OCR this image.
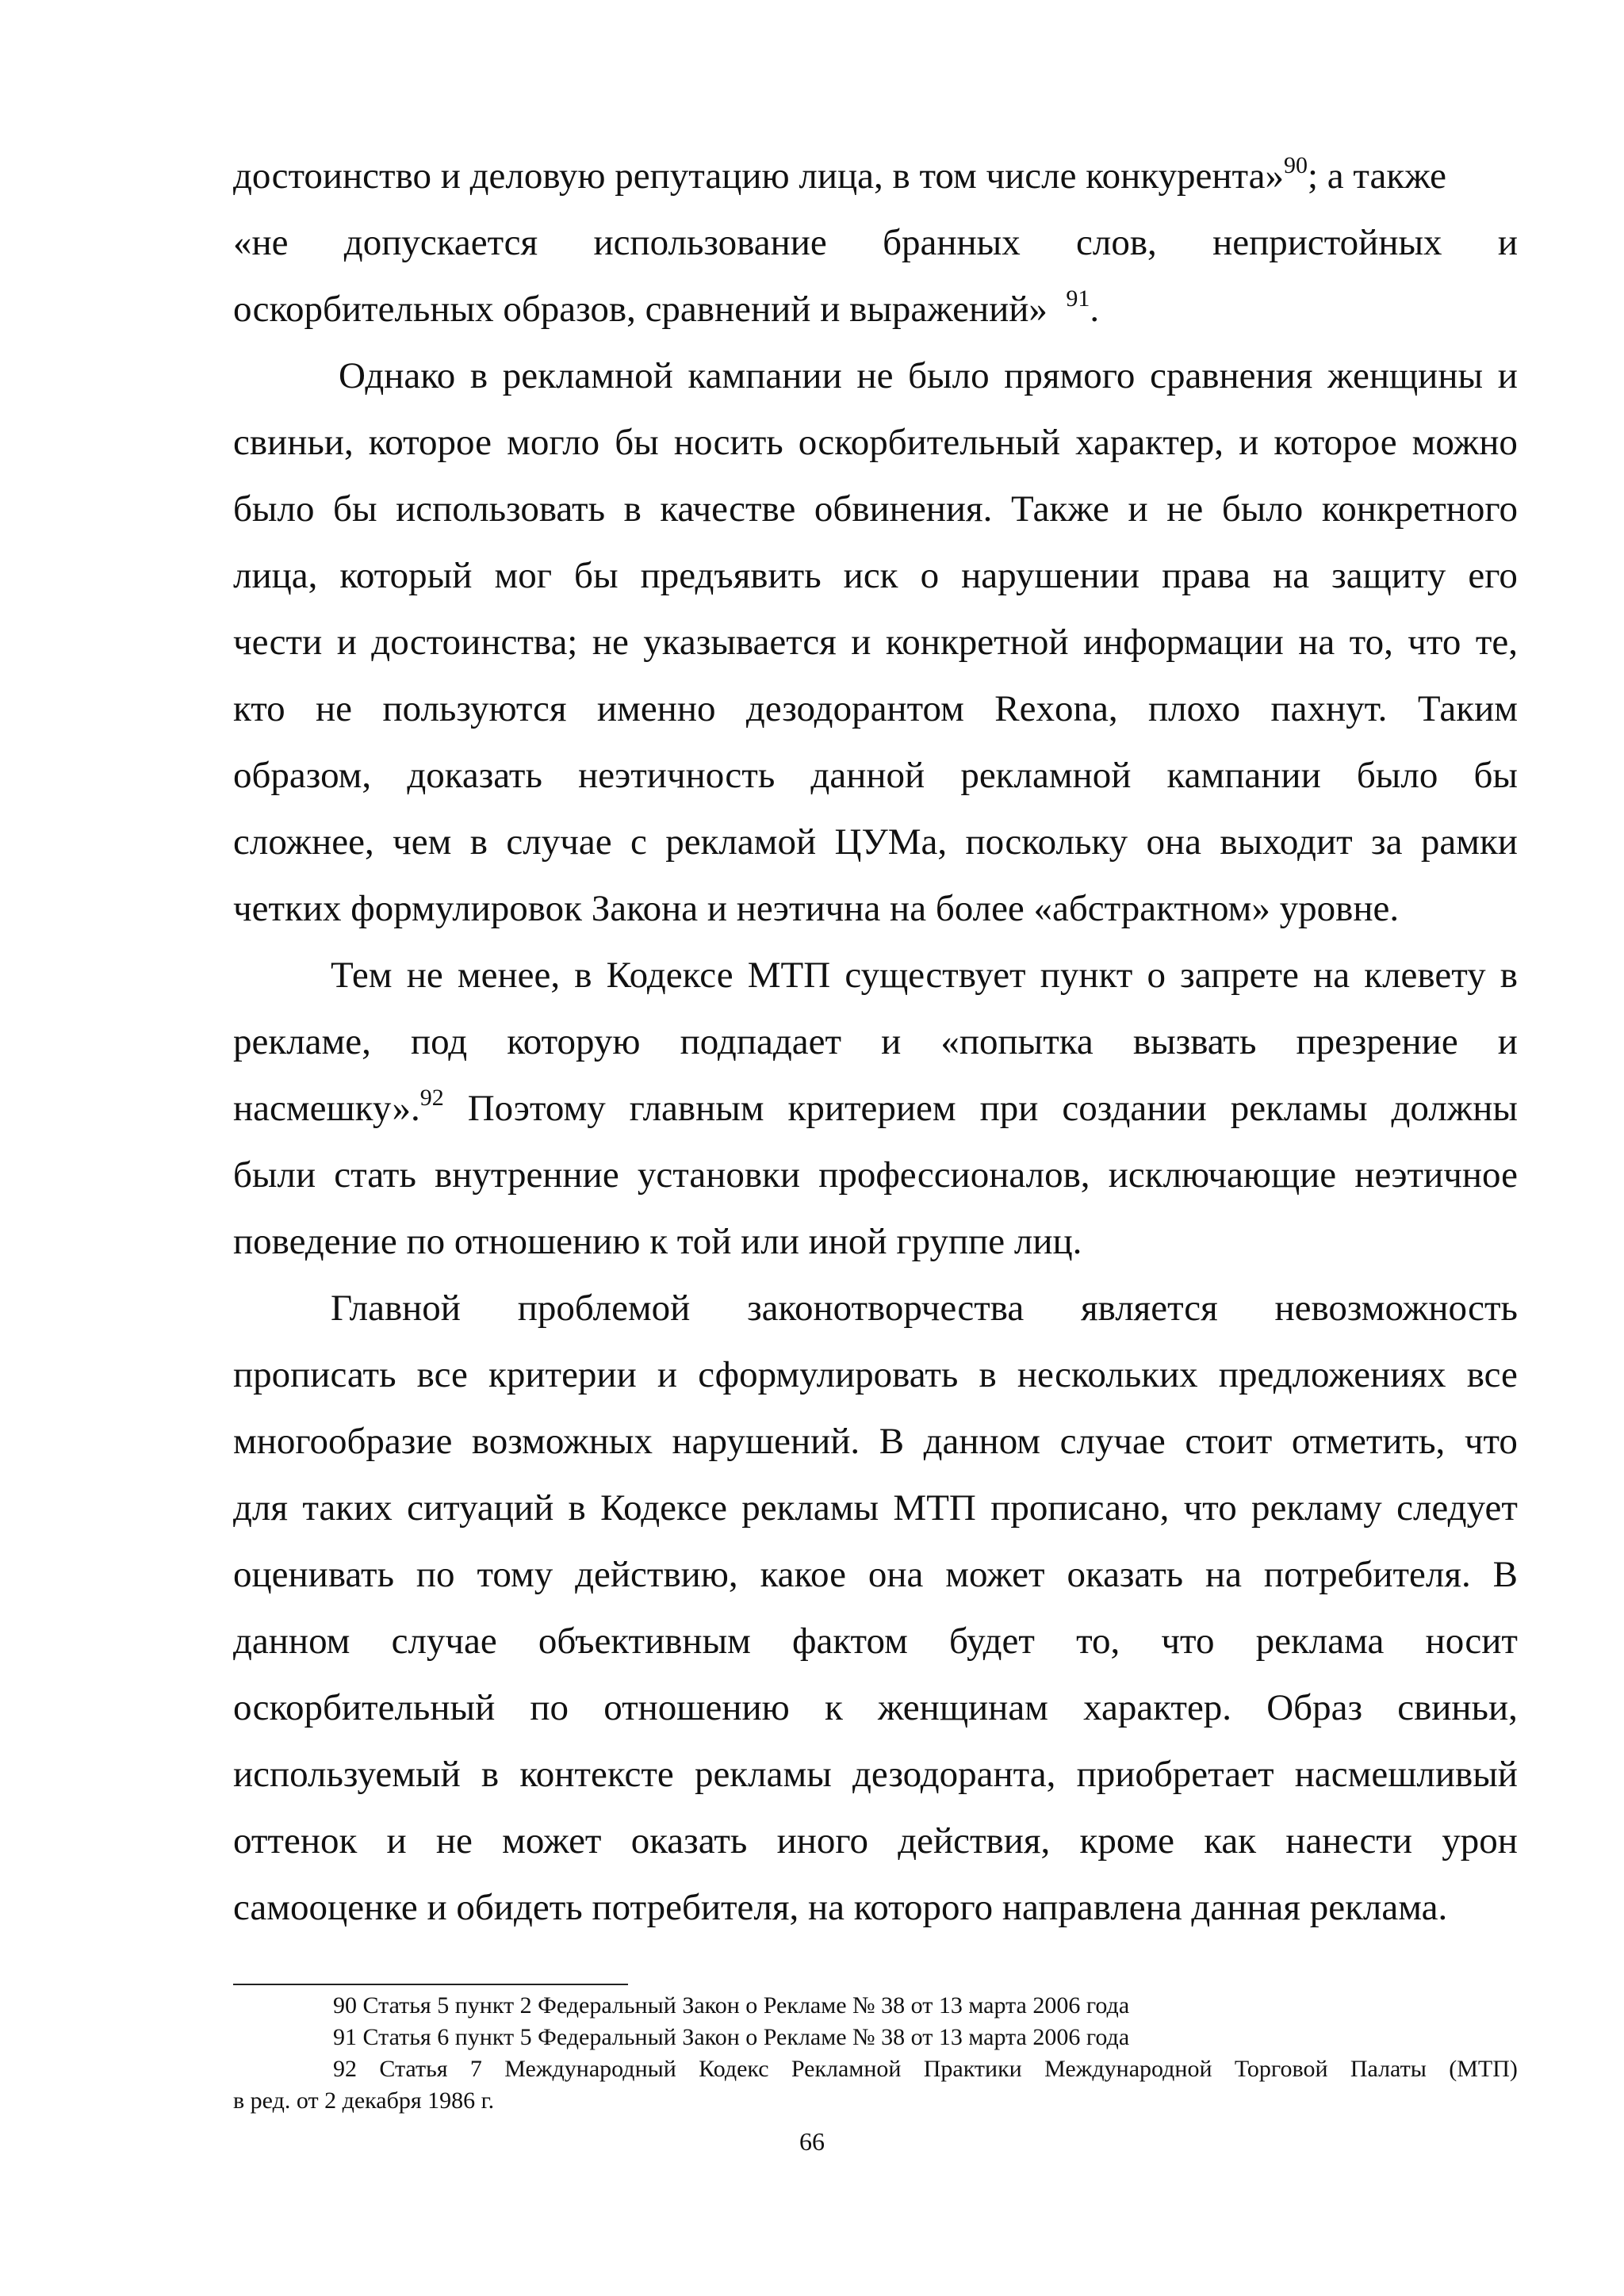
достоинство и деловую репутацию лица, в том числе конкурента»$^{90}$; а также
«не допускается использование бранных слов, непристойных и
оскорбительных образов, сравнений и выражений» $^{91}$.
Однако в рекламной кампании не было прямого сравнения женщины и
свиньи, которое могло бы носить оскорбительный характер, и которое можно
было бы использовать в качестве обвинения. Также и не было конкретного
лица, который мог бы предъявить иск о нарушении права на защиту его
чести и достоинства; не указывается и конкретной информации на то, что те,
кто не пользуются именно дезодорантом Rexona, плохо пахнут. Таким
образом, доказать неэтичность данной рекламной кампании было бы
сложнее, чем в случае с рекламой ЦУМа, поскольку она выходит за рамки
четких формулировок Закона и неэтична на более «абстрактном» уровне.
Тем не менее, в Кодексе МТП существует пункт о запрете на клевету в
рекламе, под которую подпадает и «попытка вызвать презрение и
насмешку».$^{92}$ Поэтому главным критерием при создании рекламы должны
были стать внутренние установки профессионалов, исключающие неэтичное
поведение по отношению к той или иной группе лиц.
Главной проблемой законотворчества является невозможность
прописать все критерии и сформулировать в нескольких предложениях все
многообразие возможных нарушений. В данном случае стоит отметить, что
для таких ситуаций в Кодексе рекламы МТП прописано, что рекламу следует
оценивать по тому действию, какое она может оказать на потребителя. В
данном случае объективным фактом будет то, что реклама носит
оскорбительный по отношению к женщинам характер. Образ свиньи,
используемый в контексте рекламы дезодоранта, приобретает насмешливый
оттенок и не может оказать иного действия, кроме как нанести урон
самооценке и обидеть потребителя, на которого направлена данная реклама.
90 Статья 5 пункт 2 Федеральный Закон о Рекламе № 38 от 13 марта 2006 года
91 Статья 6 пункт 5 Федеральный Закон о Рекламе № 38 от 13 марта 2006 года
92 Статья 7 Международный Кодекс Рекламной Практики Международной Торговой Палаты (МТП)
в ред. от 2 декабря 1986 г.
66
